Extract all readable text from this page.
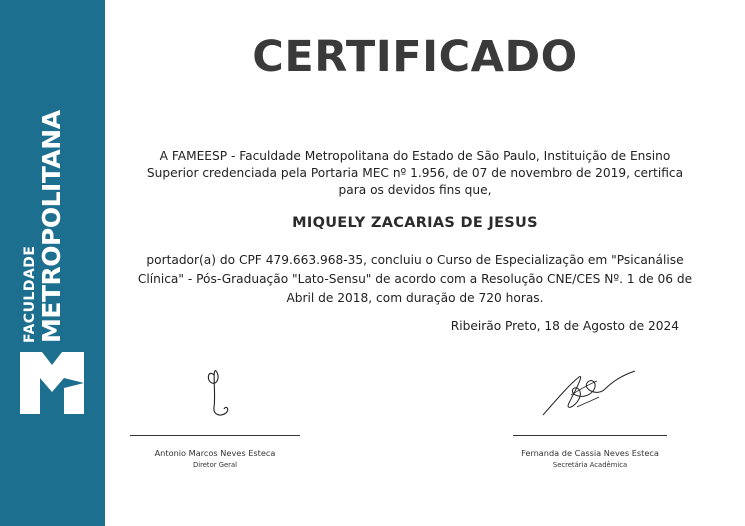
FACULDADE METROPOLITANA
CERTIFICADO
A FAMEESP - Faculdade Metropolitana do Estado de São Paulo, Instituição de Ensino Superior credenciada pela Portaria MEC nº 1.956, de 07 de novembro de 2019, certifica para os devidos fins que,
MIQUELY ZACARIAS DE JESUS
portador(a) do CPF 479.663.968-35, concluiu o Curso de Especialização em "Psicanálise Clínica" - Pós-Graduação "Lato-Sensu" de acordo com a Resolução CNE/CES Nº. 1 de 06 de Abril de 2018, com duração de 720 horas.
Ribeirão Preto, 18 de Agosto de 2024
Antonio Marcos Neves Esteca
Diretor Geral
Fernanda de Cassia Neves Esteca
Secretária Acadêmica
